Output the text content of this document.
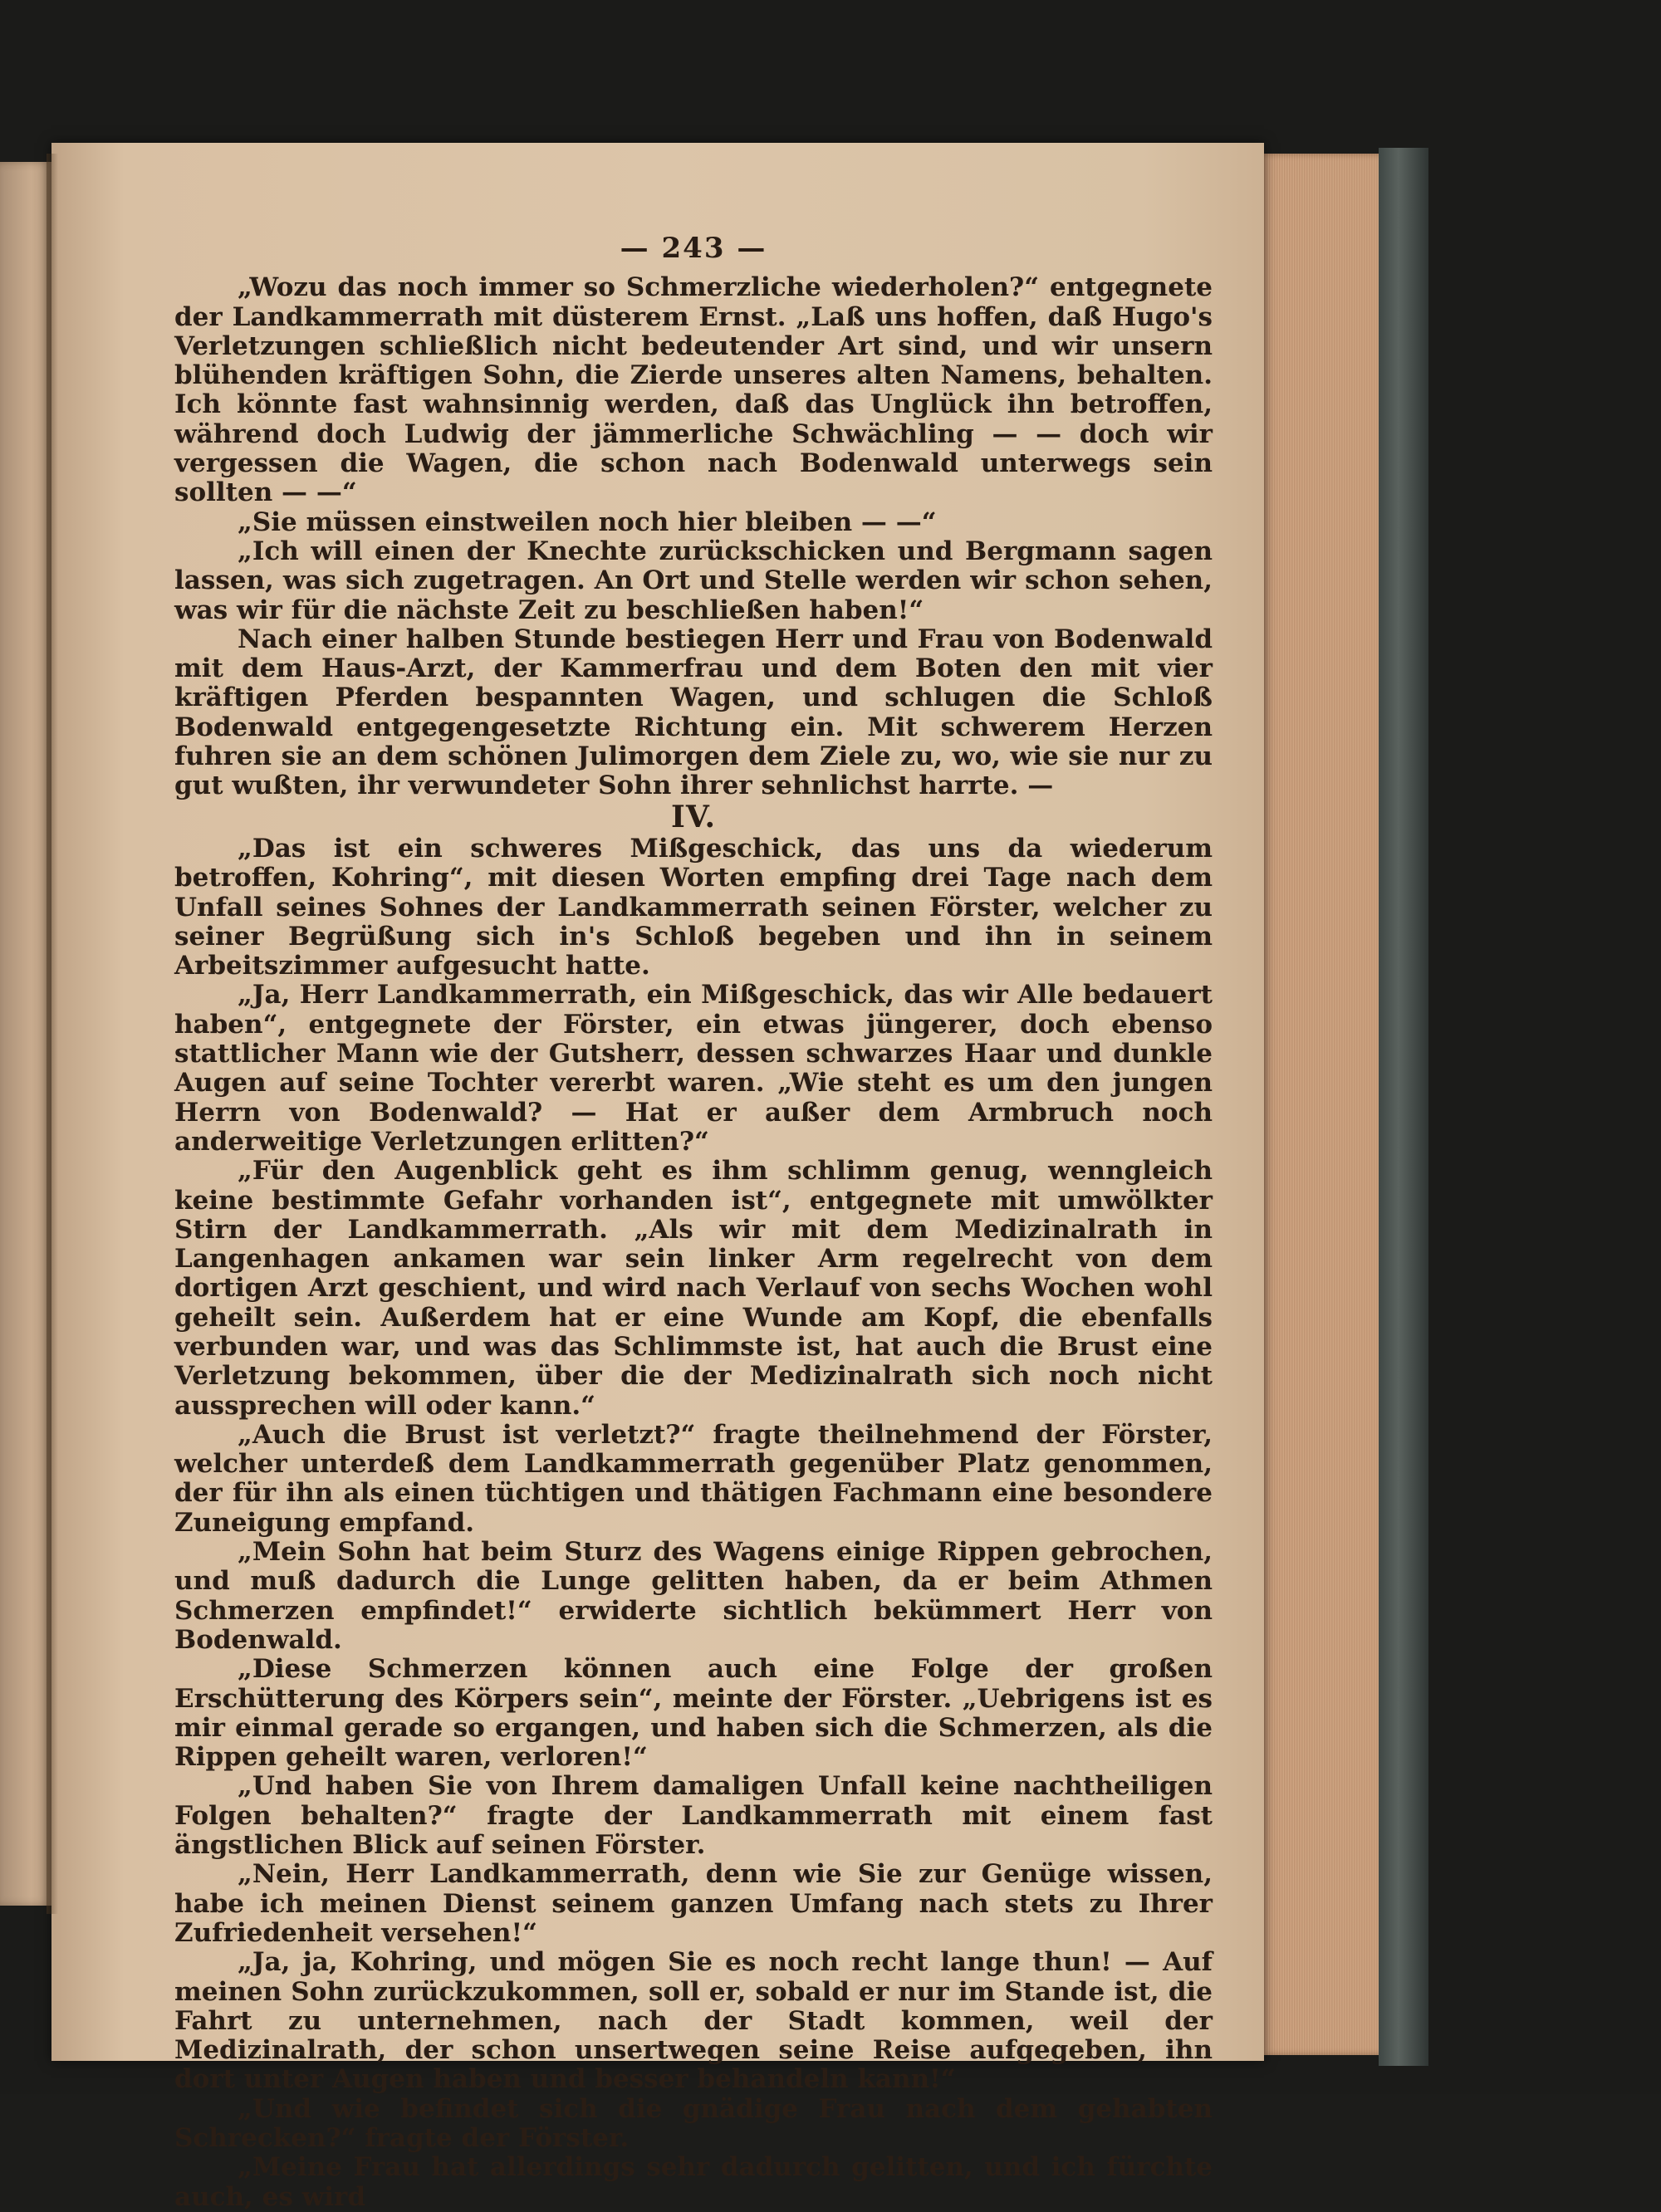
— 243 —

„Wozu das noch immer so Schmerzliche wiederholen?“ entgegnete der Landkammerrath mit düsterem Ernst. „Laß uns hoffen, daß Hugo's Verletzungen schließlich nicht bedeutender Art sind, und wir unsern blühenden kräftigen Sohn, die Zierde unseres alten Namens, behalten. Ich könnte fast wahnsinnig werden, daß das Unglück ihn betroffen, während doch Ludwig der jämmerliche Schwächling — — doch wir vergessen die Wagen, die schon nach Bodenwald unterwegs sein sollten — —“

„Sie müssen einstweilen noch hier bleiben — —“

„Ich will einen der Knechte zurückschicken und Bergmann sagen lassen, was sich zugetragen. An Ort und Stelle werden wir schon sehen, was wir für die nächste Zeit zu beschließen haben!“

Nach einer halben Stunde bestiegen Herr und Frau von Bodenwald mit dem Haus-Arzt, der Kammerfrau und dem Boten den mit vier kräftigen Pferden bespannten Wagen, und schlugen die Schloß Bodenwald entgegengesetzte Richtung ein. Mit schwerem Herzen fuhren sie an dem schönen Julimorgen dem Ziele zu, wo, wie sie nur zu gut wußten, ihr verwundeter Sohn ihrer sehnlichst harrte. —

IV.

„Das ist ein schweres Mißgeschick, das uns da wiederum betroffen, Kohring“, mit diesen Worten empfing drei Tage nach dem Unfall seines Sohnes der Landkammerrath seinen Förster, welcher zu seiner Begrüßung sich in's Schloß begeben und ihn in seinem Arbeitszimmer aufgesucht hatte.

„Ja, Herr Landkammerrath, ein Mißgeschick, das wir Alle bedauert haben“, entgegnete der Förster, ein etwas jüngerer, doch ebenso stattlicher Mann wie der Gutsherr, dessen schwarzes Haar und dunkle Augen auf seine Tochter vererbt waren. „Wie steht es um den jungen Herrn von Bodenwald? — Hat er außer dem Armbruch noch anderweitige Verletzungen erlitten?“

„Für den Augenblick geht es ihm schlimm genug, wenngleich keine bestimmte Gefahr vorhanden ist“, entgegnete mit umwölkter Stirn der Landkammerrath. „Als wir mit dem Medizinalrath in Langenhagen ankamen war sein linker Arm regelrecht von dem dortigen Arzt geschient, und wird nach Verlauf von sechs Wochen wohl geheilt sein. Außerdem hat er eine Wunde am Kopf, die ebenfalls verbunden war, und was das Schlimmste ist, hat auch die Brust eine Verletzung bekommen, über die der Medizinalrath sich noch nicht aussprechen will oder kann.“

„Auch die Brust ist verletzt?“ fragte theilnehmend der Förster, welcher unterdeß dem Landkammerrath gegenüber Platz genommen, der für ihn als einen tüchtigen und thätigen Fachmann eine besondere Zuneigung empfand.

„Mein Sohn hat beim Sturz des Wagens einige Rippen gebrochen, und muß dadurch die Lunge gelitten haben, da er beim Athmen Schmerzen empfindet!“ erwiderte sichtlich bekümmert Herr von Bodenwald.

„Diese Schmerzen können auch eine Folge der großen Erschütterung des Körpers sein“, meinte der Förster. „Uebrigens ist es mir einmal gerade so ergangen, und haben sich die Schmerzen, als die Rippen geheilt waren, verloren!“

„Und haben Sie von Ihrem damaligen Unfall keine nachtheiligen Folgen behalten?“ fragte der Landkammerrath mit einem fast ängstlichen Blick auf seinen Förster.

„Nein, Herr Landkammerrath, denn wie Sie zur Genüge wissen, habe ich meinen Dienst seinem ganzen Umfang nach stets zu Ihrer Zufriedenheit versehen!“

„Ja, ja, Kohring, und mögen Sie es noch recht lange thun! — Auf meinen Sohn zurückzukommen, soll er, sobald er nur im Stande ist, die Fahrt zu unternehmen, nach der Stadt kommen, weil der Medizinalrath, der schon unsertwegen seine Reise aufgegeben, ihn dort unter Augen haben und besser behandeln kann!“

„Und wie befindet sich die gnädige Frau nach dem gehabten Schrecken?“ fragte der Förster.

„Meine Frau hat allerdings sehr dadurch gelitten, und ich fürchte auch, es wird
